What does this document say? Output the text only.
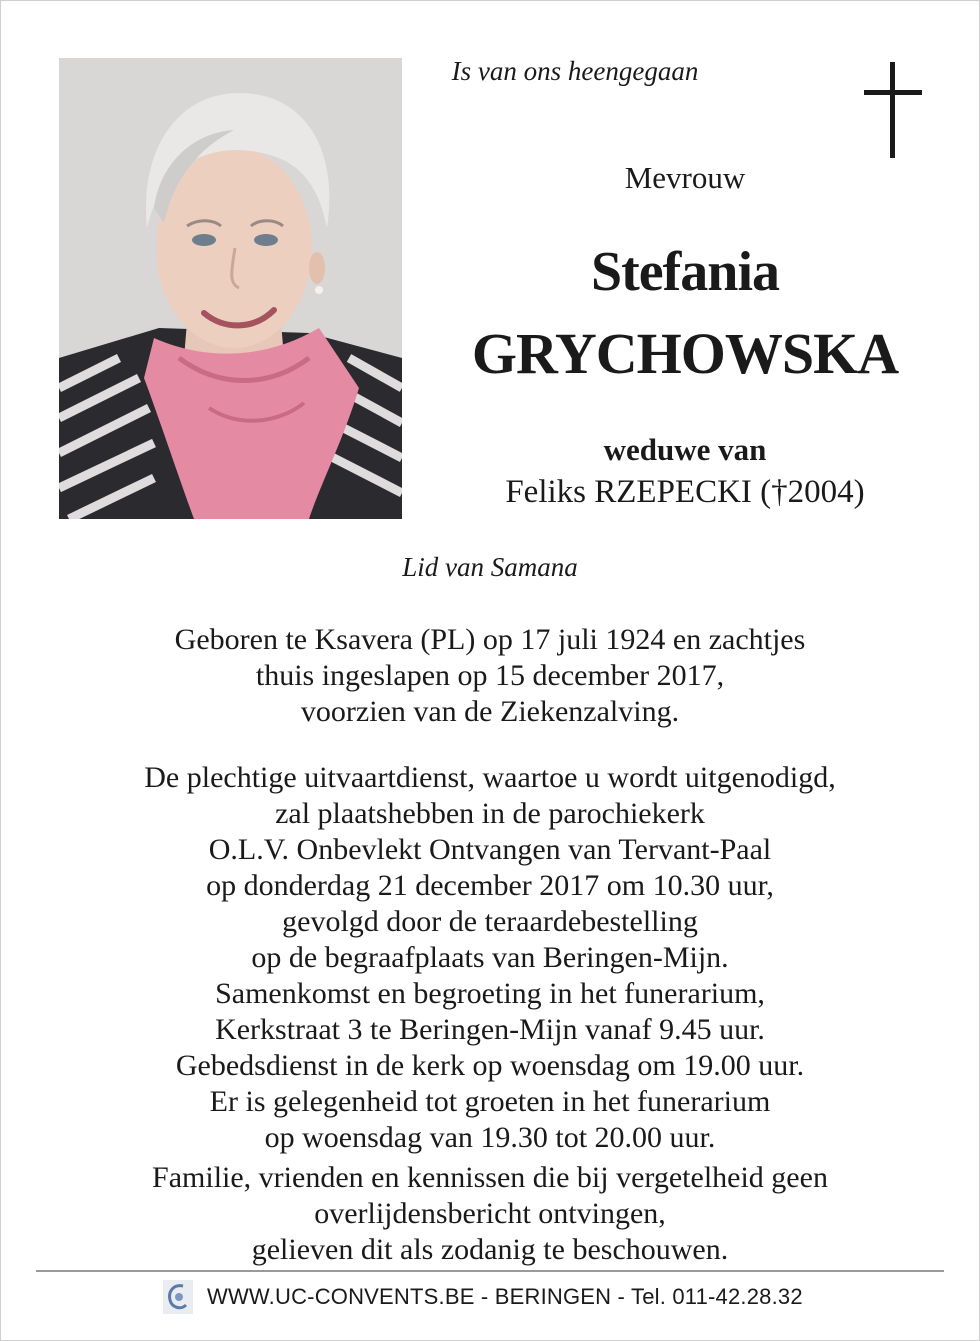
Is van ons heengegaan
Mevrouw
Stefania
GRYCHOWSKA
weduwe van
Feliks RZEPECKI (†2004)
Lid van Samana
Geboren te Ksavera (PL) op 17 juli 1924 en zachtjes
thuis ingeslapen op 15 december 2017,
voorzien van de Ziekenzalving.
De plechtige uitvaartdienst, waartoe u wordt uitgenodigd,
zal plaatshebben in de parochiekerk
O.L.V. Onbevlekt Ontvangen van Tervant-Paal
op donderdag 21 december 2017 om 10.30 uur,
gevolgd door de teraardebestelling
op de begraafplaats van Beringen-Mijn.
Samenkomst en begroeting in het funerarium,
Kerkstraat 3 te Beringen-Mijn vanaf 9.45 uur.
Gebedsdienst in de kerk op woensdag om 19.00 uur.
Er is gelegenheid tot groeten in het funerarium
op woensdag van 19.30 tot 20.00 uur.
Familie, vrienden en kennissen die bij vergetelheid geen
overlijdensbericht ontvingen,
gelieven dit als zodanig te beschouwen.
WWW.UC-CONVENTS.BE - BERINGEN - Tel. 011-42.28.32
